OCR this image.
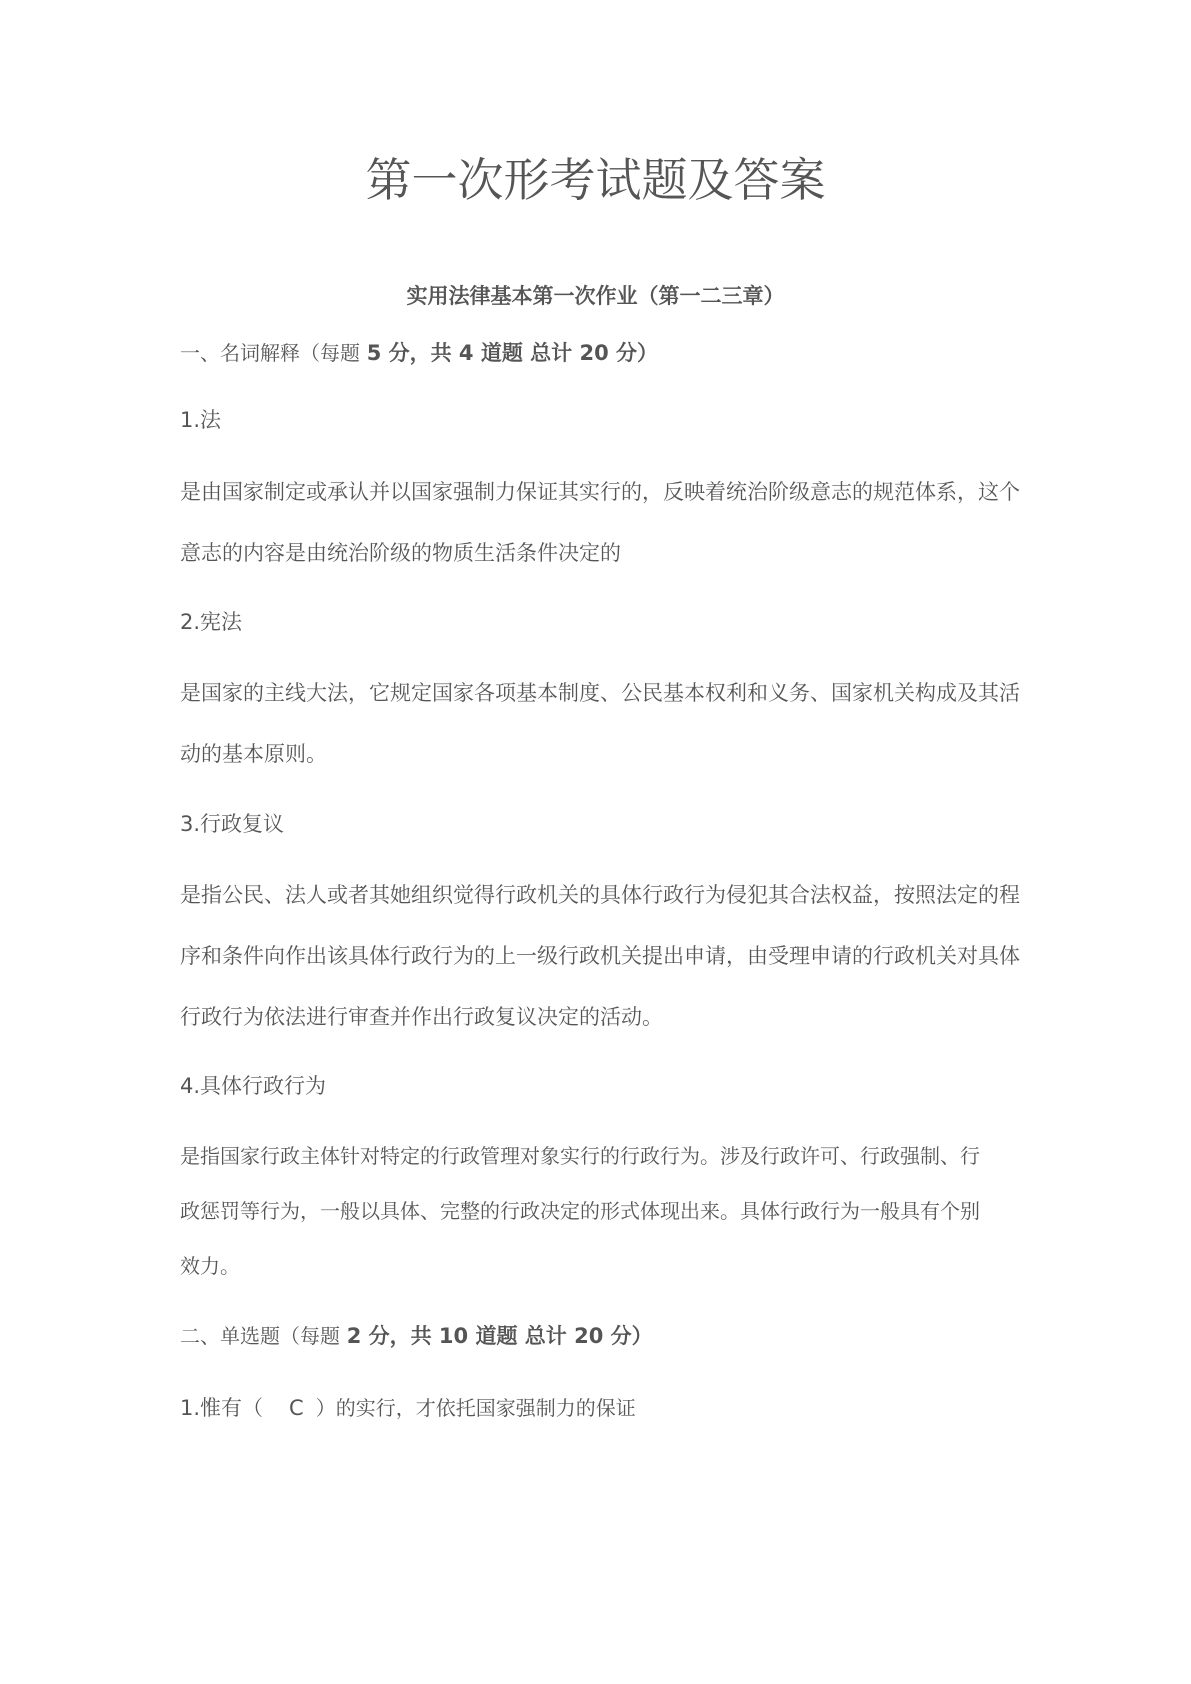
第一次形考试题及答案
实用法律基本第一次作业（第一二三章）
一、名词解释（每题 5 分，共 4 道题 总计 20 分）
1.法
是由国家制定或承认并以国家强制力保证其实行的，反映着统治阶级意志的规范体系，这个
意志的内容是由统治阶级的物质生活条件决定的
2.宪法
是国家的主线大法，它规定国家各项基本制度、公民基本权利和义务、国家机关构成及其活
动的基本原则。
3.行政复议
是指公民、法人或者其她组织觉得行政机关的具体行政行为侵犯其合法权益，按照法定的程
序和条件向作出该具体行政行为的上一级行政机关提出申请，由受理申请的行政机关对具体
行政行为依法进行审查并作出行政复议决定的活动。
4.具体行政行为
是指国家行政主体针对特定的行政管理对象实行的行政行为。涉及行政许可、行政强制、行
政惩罚等行为，一般以具体、完整的行政决定的形式体现出来。具体行政行为一般具有个别
效力。
二、单选题（每题 2 分，共 10 道题 总计 20 分）
1.惟有（ C ）的实行，才依托国家强制力的保证
